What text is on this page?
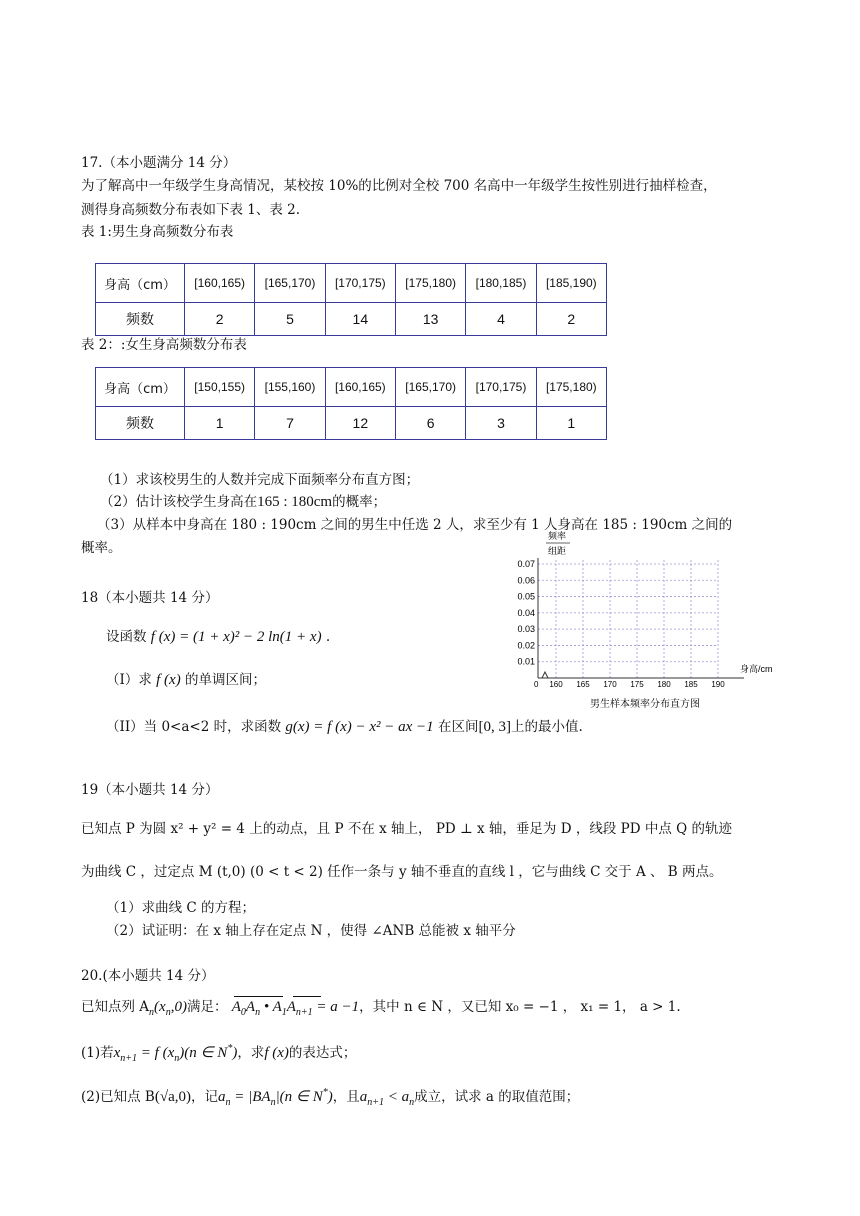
17.（本小题满分 14 分）
为了解高中一年级学生身高情况，某校按 10%的比例对全校 700 名高中一年级学生按性别进行抽样检查，
测得身高频数分布表如下表 1、表 2.
表 1:男生身高频数分布表
身高（cm）	[160,165)	[165,170)	[170,175)	[175,180)	[180,185)	[185,190)
频数	2	5	14	13	4	2
表 2：:女生身高频数分布表
身高（cm）	[150,155)	[155,160)	[160,165)	[165,170)	[170,175)	[175,180)
频数	1	7	12	6	3	1
（1）求该校男生的人数并完成下面频率分布直方图；
（2）估计该校学生身高在165 : 180cm的概率；
（3）从样本中身高在 180 : 190cm 之间的男生中任选 2 人，求至少有 1 人身高在 185 : 190cm 之间的
概率。
频率
组距
身高/cm
0
0.01
0.02
0.03
0.04
0.05
0.06
0.07
160 165 170 175 180 185 190
男生样本频率分布直方图
18（本小题共 14 分）
设函数 f (x) = (1 + x)² − 2 ln(1 + x) .
（I）求 f (x) 的单调区间；
（II）当 0<a<2 时，求函数 g(x) = f (x) − x² − ax −1 在区间[0, 3]上的最小值.
19（本小题共 14 分）
已知点 P 为圆 x² + y² = 4 上的动点，且 P 不在 x 轴上， PD ⊥ x 轴，垂足为 D ，线段 PD 中点 Q 的轨迹
为曲线 C ，过定点 M (t,0) (0 < t < 2) 任作一条与 y 轴不垂直的直线 l ，它与曲线 C 交于 A 、 B 两点。
（1）求曲线 C 的方程；
（2）试证明：在 x 轴上存在定点 N ，使得 ∠ANB 总能被 x 轴平分
20.(本小题共 14 分）
已知点列 $A_n(x_n,0)$满足：
$A_0A_n$ • $A_1A_{n+1} = a -1$，其中 n ∈ N ，又已知 x₀ = −1 ， x₁ = 1， a > 1.
(1)若$x_{n+1} = f$ $(x_n)(n$ ∈ N*)，求f (x)的表达式；
(2)已知点 B(√a,0)，记$a_n = |BA_n|(n$ ∈ N*)，且$a_{n+1} < a_n$成立，试求 a 的取值范围；
